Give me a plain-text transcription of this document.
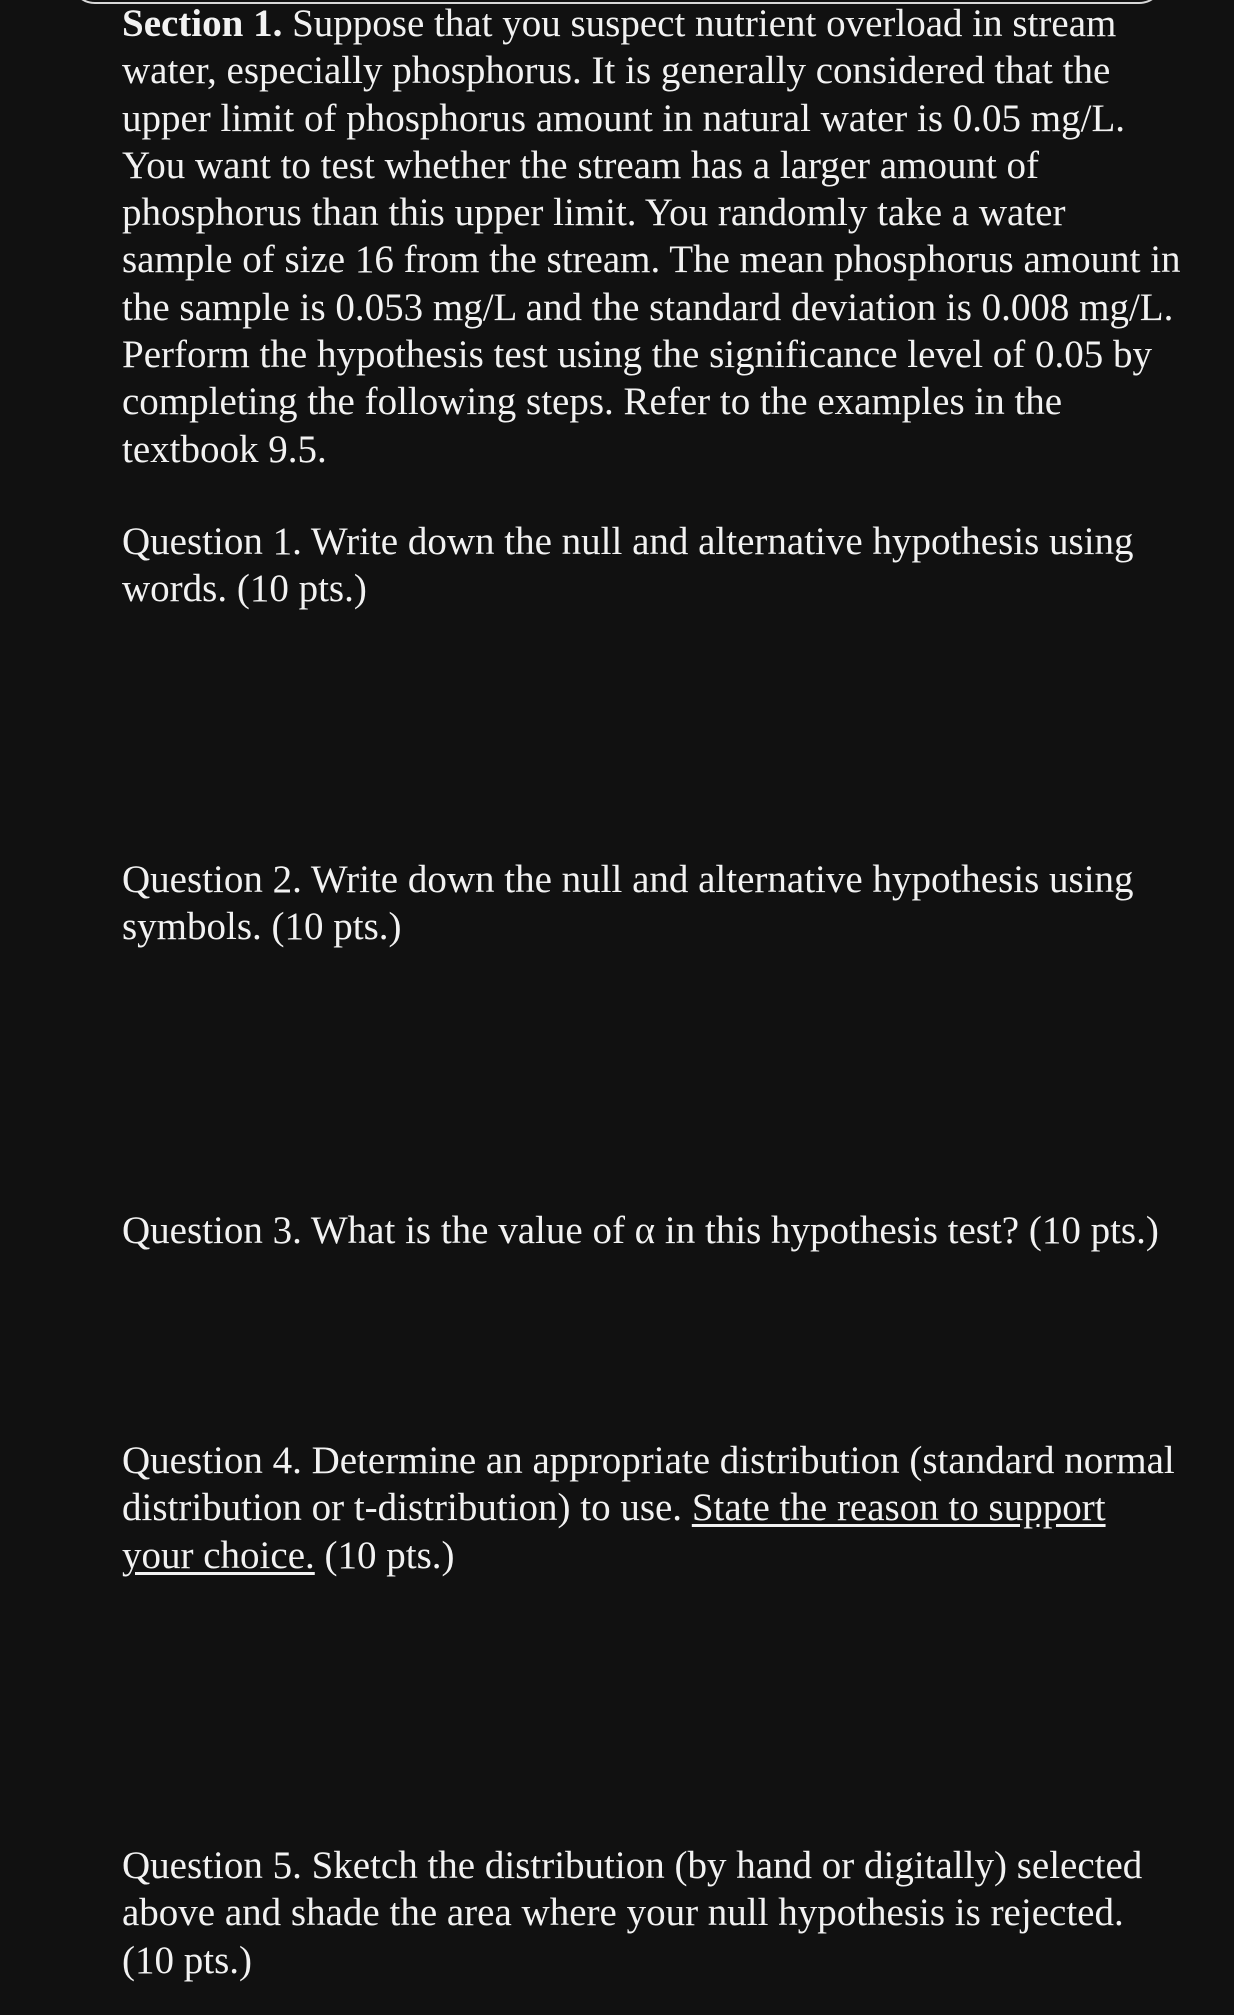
Section 1. Suppose that you suspect nutrient overload in stream water, especially phosphorus. It is generally considered that the upper limit of phosphorus amount in natural water is 0.05 mg/L. You want to test whether the stream has a larger amount of phosphorus than this upper limit. You randomly take a water sample of size 16 from the stream. The mean phosphorus amount in the sample is 0.053 mg/L and the standard deviation is 0.008 mg/L. Perform the hypothesis test using the significance level of 0.05 by completing the following steps. Refer to the examples in the textbook 9.5.

Question 1. Write down the null and alternative hypothesis using words. (10 pts.)

Question 2. Write down the null and alternative hypothesis using symbols. (10 pts.)

Question 3. What is the value of α in this hypothesis test? (10 pts.)

Question 4. Determine an appropriate distribution (standard normal distribution or t-distribution) to use. State the reason to support your choice. (10 pts.)

Question 5. Sketch the distribution (by hand or digitally) selected above and shade the area where your null hypothesis is rejected. (10 pts.)
